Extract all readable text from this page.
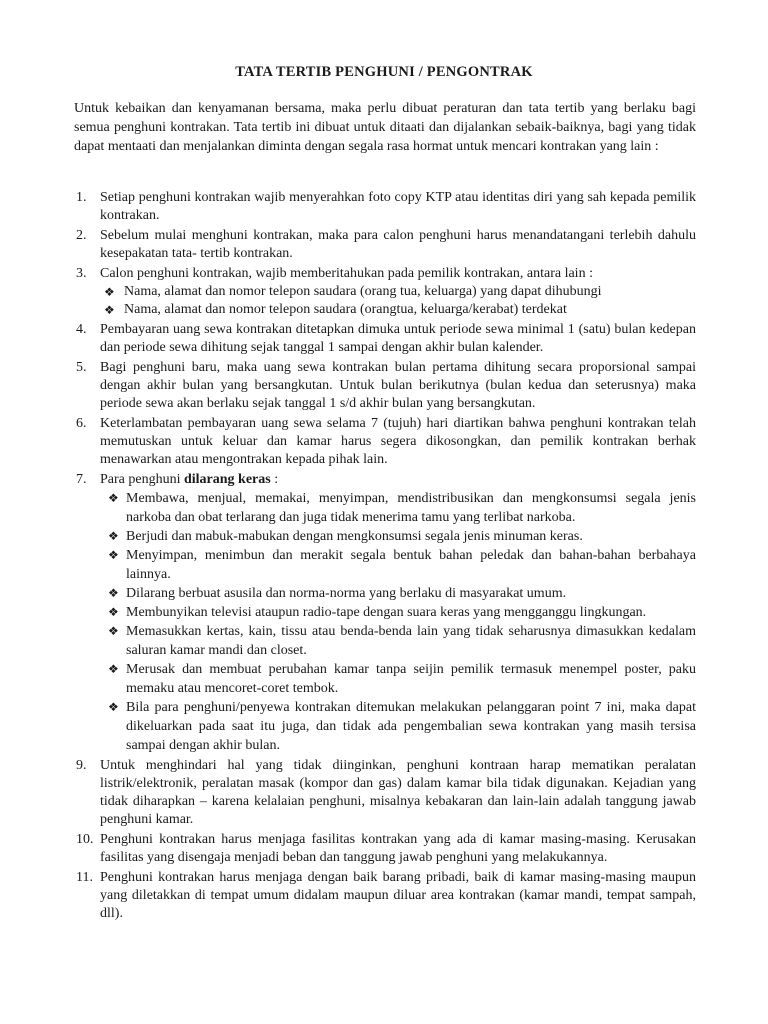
TATA TERTIB PENGHUNI / PENGONTRAK
Untuk kebaikan dan kenyamanan bersama, maka perlu dibuat peraturan dan tata tertib yang berlaku bagi semua penghuni kontrakan. Tata tertib ini dibuat untuk ditaati dan dijalankan sebaik-baiknya, bagi yang tidak dapat mentaati dan menjalankan diminta dengan segala rasa hormat untuk mencari kontrakan yang lain :
1. Setiap penghuni kontrakan wajib menyerahkan foto copy KTP atau identitas diri yang sah kepada pemilik kontrakan.
2. Sebelum mulai menghuni kontrakan, maka para calon penghuni harus menandatangani terlebih dahulu kesepakatan tata- tertib kontrakan.
3. Calon penghuni kontrakan, wajib memberitahukan pada pemilik kontrakan, antara lain :
❖ Nama, alamat dan nomor telepon saudara (orang tua, keluarga) yang dapat dihubungi
❖ Nama, alamat dan nomor telepon saudara (orangtua, keluarga/kerabat) terdekat
4. Pembayaran uang sewa kontrakan ditetapkan dimuka untuk periode sewa minimal 1 (satu) bulan kedepan dan periode sewa dihitung sejak tanggal 1 sampai dengan akhir bulan kalender.
5. Bagi penghuni baru, maka uang sewa kontrakan bulan pertama dihitung secara proporsional sampai dengan akhir bulan yang bersangkutan. Untuk bulan berikutnya (bulan kedua dan seterusnya) maka periode sewa akan berlaku sejak tanggal 1 s/d akhir bulan yang bersangkutan.
6. Keterlambatan pembayaran uang sewa selama 7 (tujuh) hari diartikan bahwa penghuni kontrakan telah memutuskan untuk keluar dan kamar harus segera dikosongkan, dan pemilik kontrakan berhak menawarkan atau mengontrakan kepada pihak lain.
7. Para penghuni dilarang keras :
❖ Membawa, menjual, memakai, menyimpan, mendistribusikan dan mengkonsumsi segala jenis narkoba dan obat terlarang dan juga tidak menerima tamu yang terlibat narkoba.
❖ Berjudi dan mabuk-mabukan dengan mengkonsumsi segala jenis minuman keras.
❖ Menyimpan, menimbun dan merakit segala bentuk bahan peledak dan bahan-bahan berbahaya lainnya.
❖ Dilarang berbuat asusila dan norma-norma yang berlaku di masyarakat umum.
❖ Membunyikan televisi ataupun radio-tape dengan suara keras yang mengganggu lingkungan.
❖ Memasukkan kertas, kain, tissu atau benda-benda lain yang tidak seharusnya dimasukkan kedalam saluran kamar mandi dan closet.
❖ Merusak dan membuat perubahan kamar tanpa seijin pemilik termasuk menempel poster, paku memaku atau mencoret-coret tembok.
❖ Bila para penghuni/penyewa kontrakan ditemukan melakukan pelanggaran point 7 ini, maka dapat dikeluarkan pada saat itu juga, dan tidak ada pengembalian sewa kontrakan yang masih tersisa sampai dengan akhir bulan.
9. Untuk menghindari hal yang tidak diinginkan, penghuni kontraan harap mematikan peralatan listrik/elektronik, peralatan masak (kompor dan gas) dalam kamar bila tidak digunakan. Kejadian yang tidak diharapkan – karena kelalaian penghuni, misalnya kebakaran dan lain-lain adalah tanggung jawab penghuni kamar.
10. Penghuni kontrakan harus menjaga fasilitas kontrakan yang ada di kamar masing-masing. Kerusakan fasilitas yang disengaja menjadi beban dan tanggung jawab penghuni yang melakukannya.
11. Penghuni kontrakan harus menjaga dengan baik barang pribadi, baik di kamar masing-masing maupun yang diletakkan di tempat umum didalam maupun diluar area kontrakan (kamar mandi, tempat sampah, dll).
